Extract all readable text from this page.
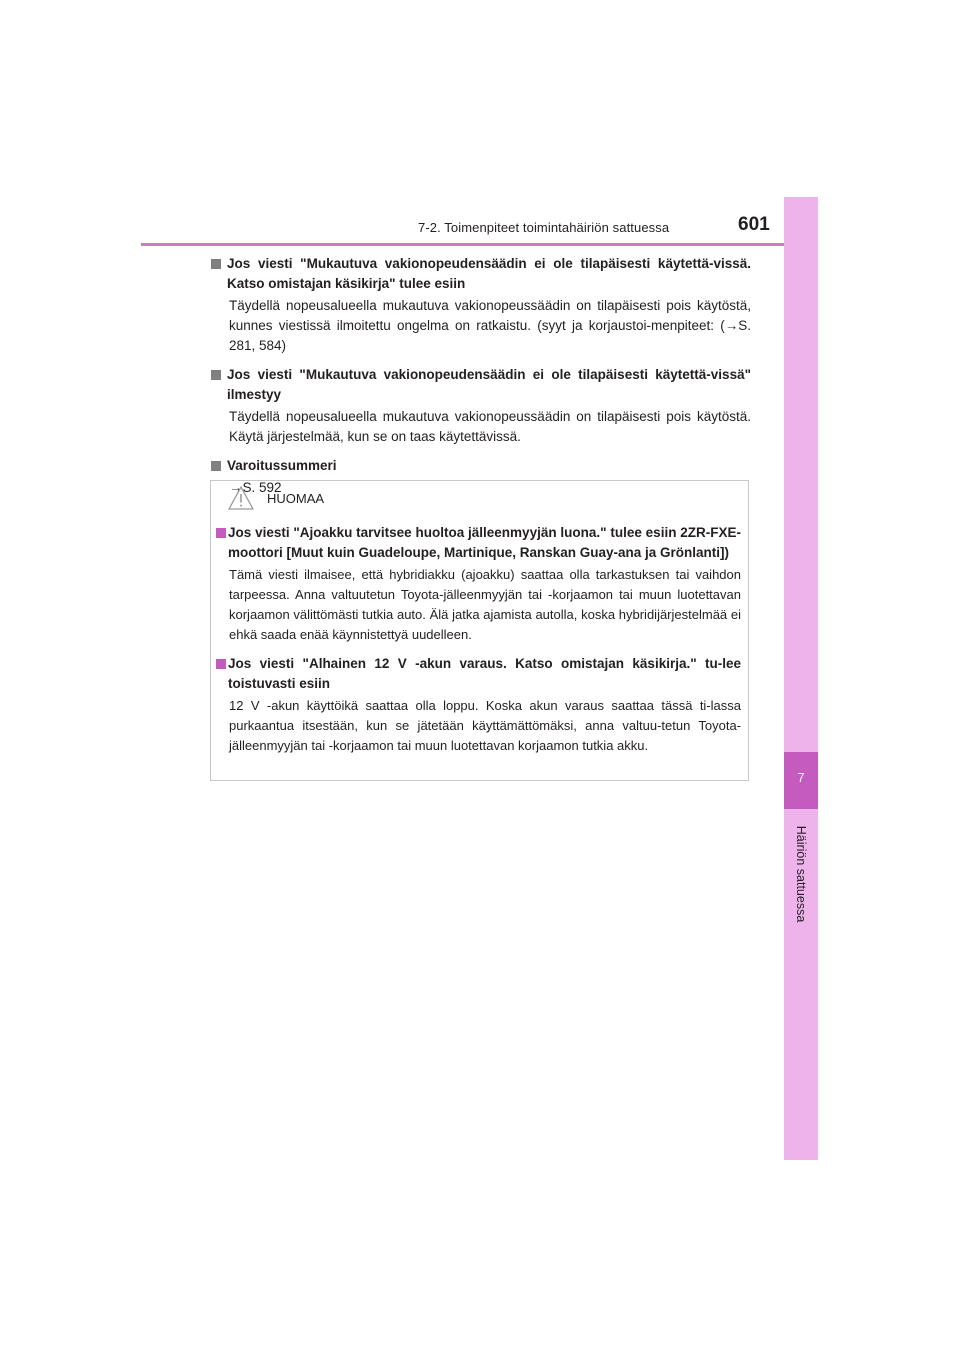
7-2. Toimenpiteet toimintahäiriön sattuessa	601
7
Häiriön sattuessa

Jos viesti "Mukautuva vakionopeudensäädin ei ole tilapäisesti käytettä-vissä. Katso omistajan käsikirja" tulee esiin

Täydellä nopeusalueella mukautuva vakionopeussäädin on tilapäisesti pois käytöstä, kunnes viestissä ilmoitettu ongelma on ratkaistu. (syyt ja korjaustoi-menpiteet: (→S. 281, 584)

Jos viesti "Mukautuva vakionopeudensäädin ei ole tilapäisesti käytettä-vissä" ilmestyy

Täydellä nopeusalueella mukautuva vakionopeussäädin on tilapäisesti pois käytöstä. Käytä järjestelmää, kun se on taas käytettävissä.

Varoitussummeri

→S. 592

HUOMAA

Jos viesti "Ajoakku tarvitsee huoltoa jälleenmyyjän luona." tulee esiin 2ZR-FXE-moottori [Muut kuin Guadeloupe, Martinique, Ranskan Guay-ana ja Grönlanti])

Tämä viesti ilmaisee, että hybridiakku (ajoakku) saattaa olla tarkastuksen tai vaihdon tarpeessa. Anna valtuutetun Toyota-jälleenmyyjän tai -korjaamon tai muun luotettavan korjaamon välittömästi tutkia auto. Älä jatka ajamista autolla, koska hybridijärjestelmää ei ehkä saada enää käynnistettyä uudelleen.

Jos viesti "Alhainen 12 V -akun varaus. Katso omistajan käsikirja." tu-lee toistuvasti esiin

12 V -akun käyttöikä saattaa olla loppu. Koska akun varaus saattaa tässä ti-lassa purkaantua itsestään, kun se jätetään käyttämättömäksi, anna valtuu-tetun Toyota-jälleenmyyjän tai -korjaamon tai muun luotettavan korjaamon tutkia akku.
